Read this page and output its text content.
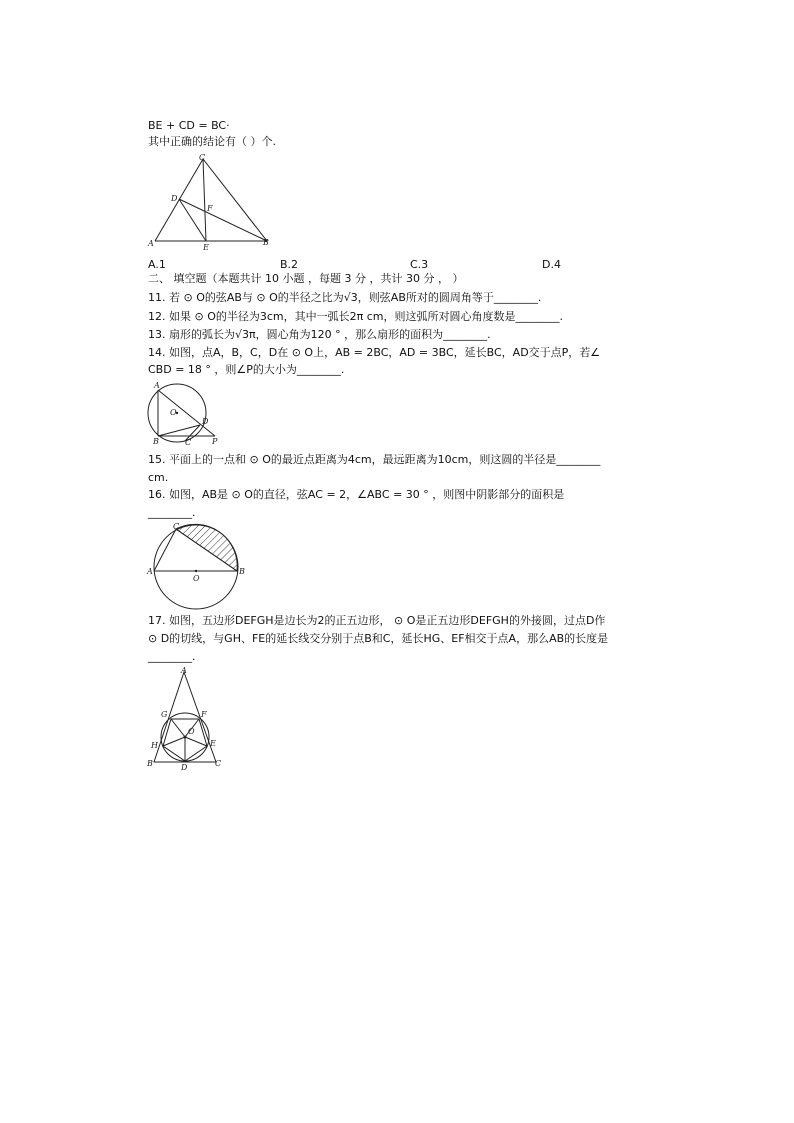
BE + CD = BC·
其中正确的结论有（ ）个.
C
D
F
A	E
B
A.1	B.2	C.3	D.4
二、 填空题（本题共计 10 小题 ，每题 3 分 ，共计 30 分 ， ）
11. 若 ⊙ O的弦AB与 ⊙ O的半径之比为√3，则弦AB所对的圆周角等于________.
12. 如果 ⊙ O的半径为3cm，其中一弧长2π cm，则这弧所对圆心角度数是________.
13. 扇形的弧长为√3π，圆心角为120 ° ，那么扇形的面积为________.
14. 如图，点A，B，C，D在 ⊙ O上，AB = 2BC，AD = 3BC，延长BC，AD交于点P，若∠
CBD = 18 ° ，则∠P的大小为________.
A
O
D
B	C	P
15. 平面上的一点和 ⊙ O的最近点距离为4cm，最远距离为10cm，则这圆的半径是________
cm.
16. 如图，AB是 ⊙ O的直径，弦AC = 2，∠ABC = 30 ° ，则图中阴影部分的面积是
________.
C
A
O
B
17. 如图，五边形DEFGH是边长为2的正五边形， ⊙ O是正五边形DEFGH的外接圆，过点D作
⊙ D的切线，与GH、FE的延长线交分别于点B和C，延长HG、EF相交于点A，那么AB的长度是
________.
A
G	F
O
H	E
B	D	C
